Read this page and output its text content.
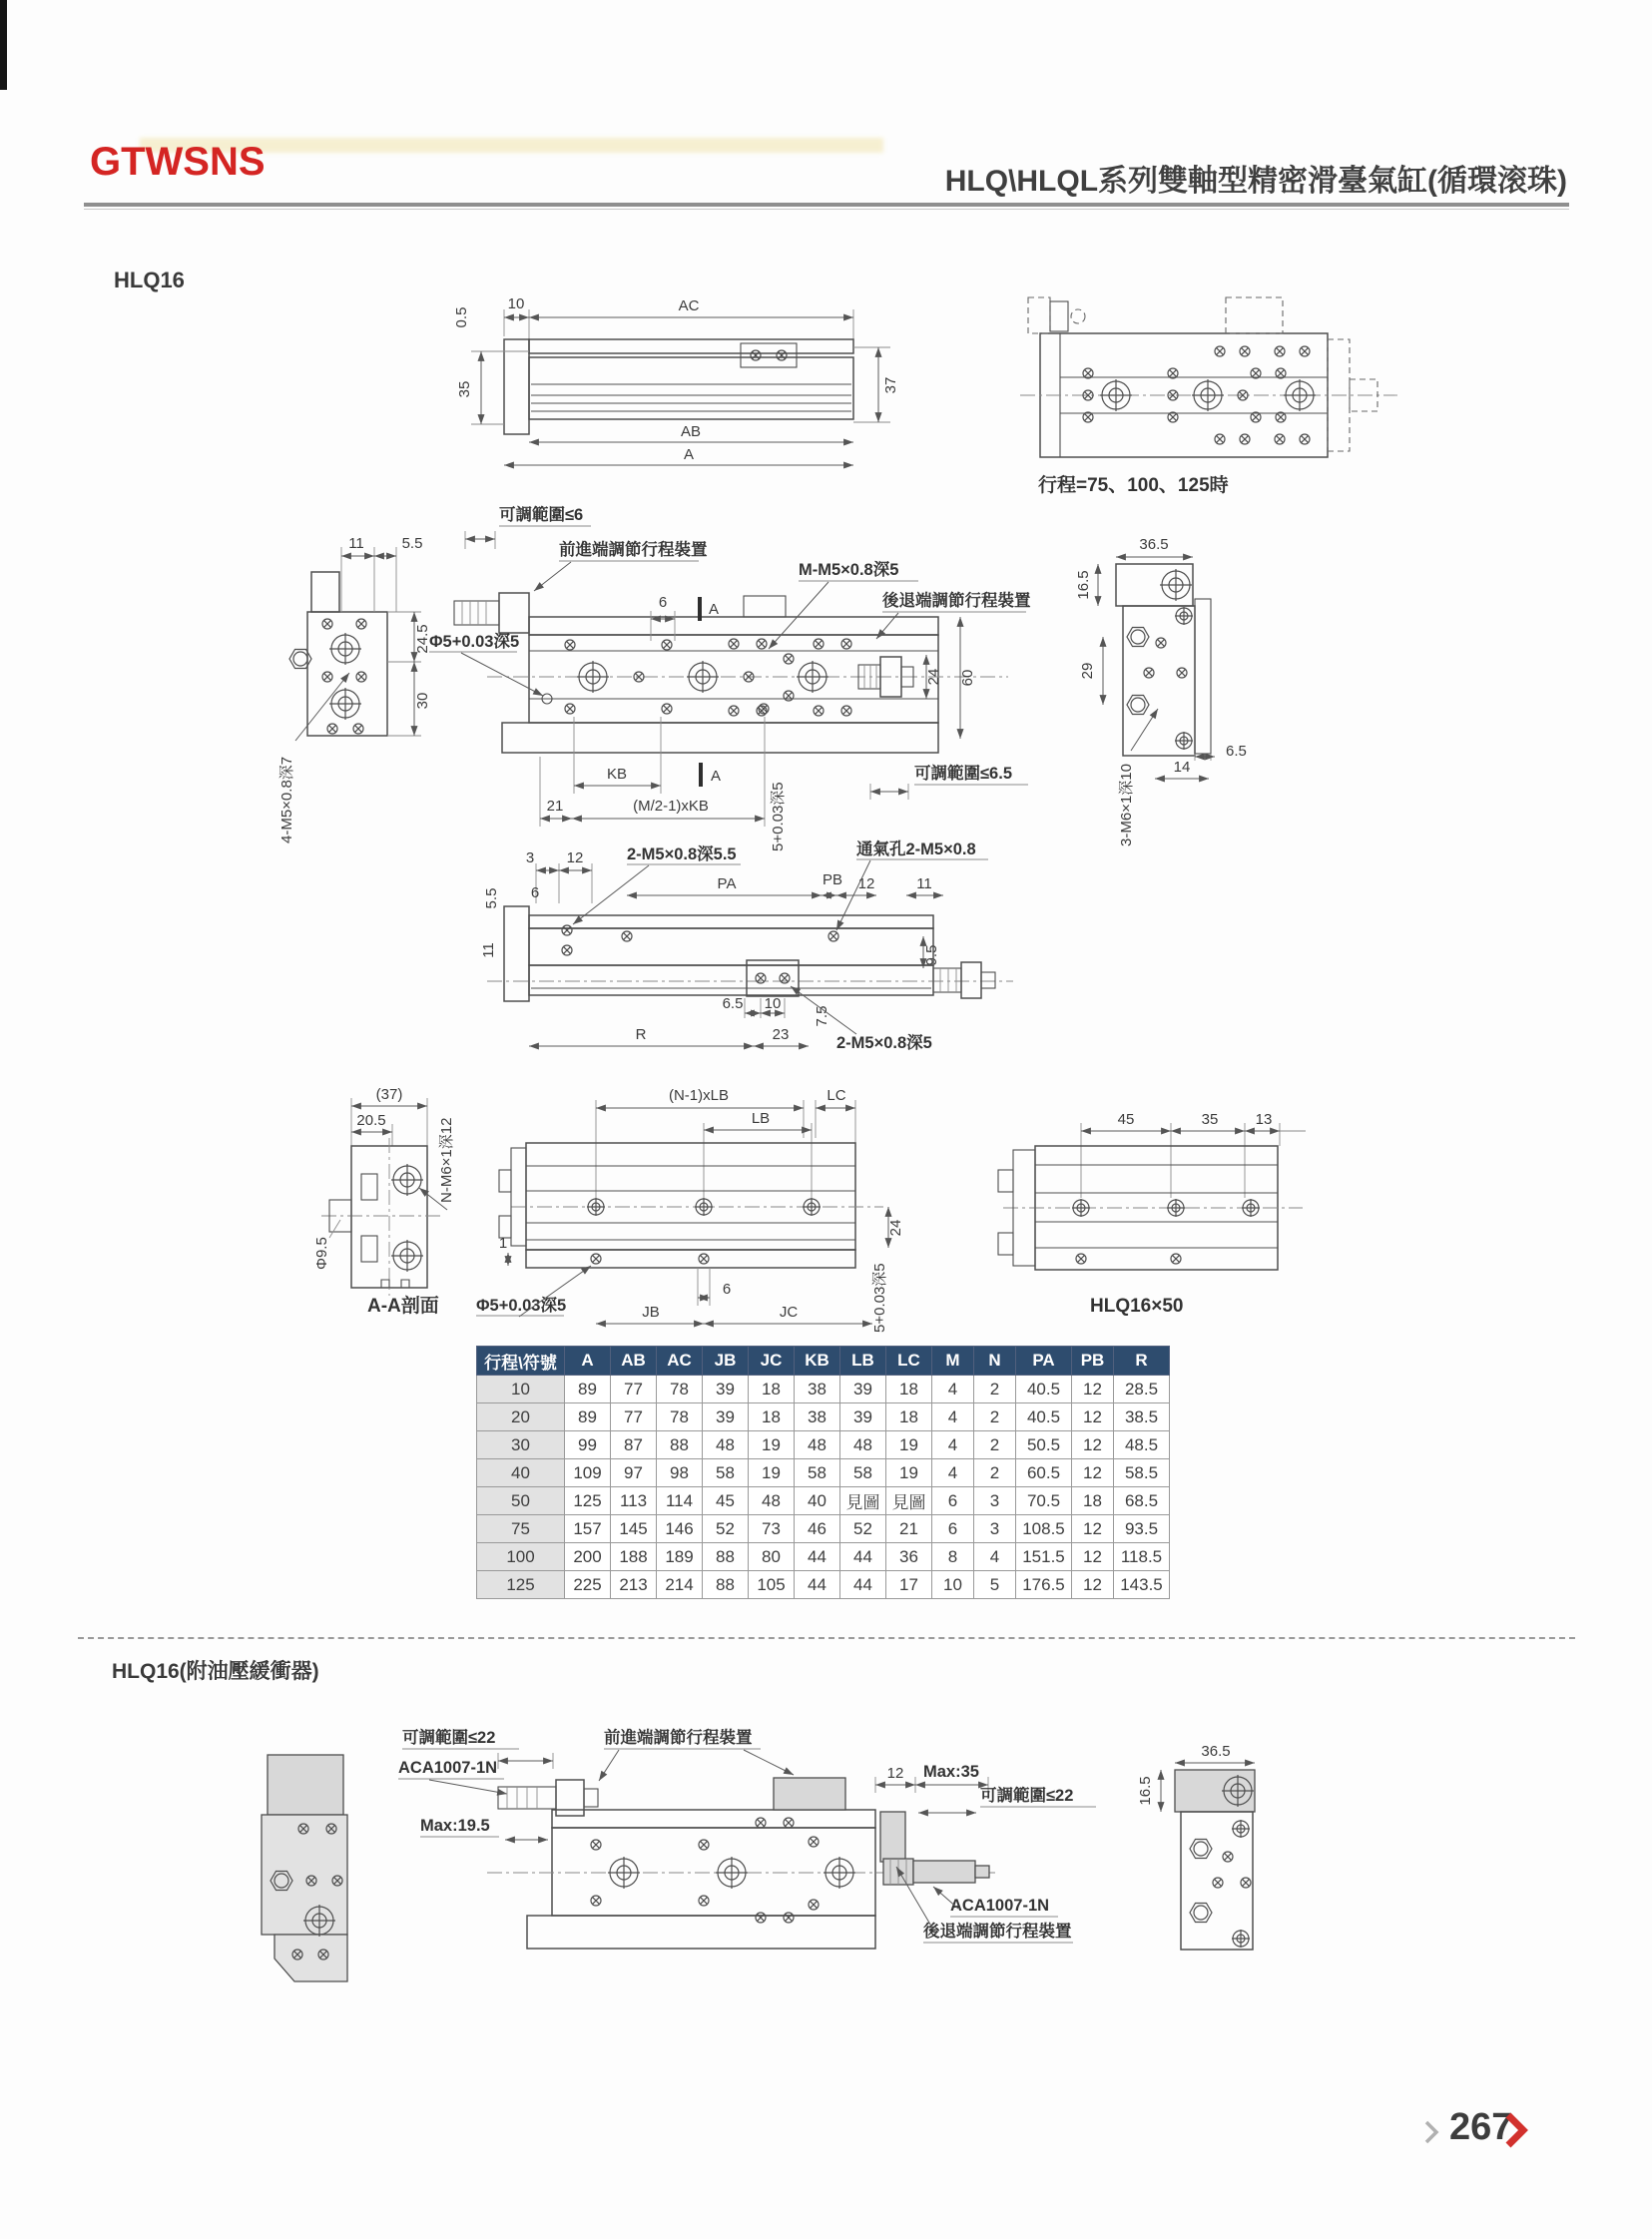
GTWSNS	HLQ\HLQL系列雙軸型精密滑臺氣缸(循環滚珠)
HLQ16
10
0.5
AC
35	37
AB
A
行程=75、100、125時
11	5.5
24.5
30
4-M5×0.8深7
可調範圍≤6
前進端調節行程裝置
M-M5×0.8深5
後退端調節行程裝置
Φ5+0.03深5
6	A
A
KB
21	(M/2-1)xKB	5+0.03深5
24 60
可調範圍≤6.5
36.5
16.5
29
6.5
14
3-M6×1深10
3 12	2-M5×0.8深5.5
PA
通氣孔2-M5×0.8
PB 12	11
5.5 6
11	9.5
6.5 10
7.5
R	23	2-M5×0.8深5
(37)
20.5	N-M6×1深12
Φ9.5
A-A剖面
(N-1)xLB	LC
LB
24
1
Φ5+0.03深5
6
JB	JC	5+0.03深5
45	35 13
HLQ16×50
行程\符號	A	AB	AC	JB	JC	KB	LB	LC	M	N	PA	PB	R
10	89	77	78	39	18	38	39	18	4	2	40.5	12	28.5
20	89	77	78	39	18	38	39	18	4	2	40.5	12	38.5
30	99	87	88	48	19	48	48	19	4	2	50.5	12	48.5
40	109	97	98	58	19	58	58	19	4	2	60.5	12	58.5
50	125	113	114	45	48	40	見圖	見圖	6	3	70.5	18	68.5
75	157	145	146	52	73	46	52	21	6	3	108.5	12	93.5
100	200	188	189	88	80	44	44	36	8	4	151.5	12	118.5
125	225	213	214	88	105	44	44	17	10	5	176.5	12	143.5
HLQ16(附油壓緩衝器)
可調範圍≤22
ACA1007-1N
Max:19.5
前進端調節行程裝置
12 Max:35
可調範圍≤22
ACA1007-1N
後退端調節行程裝置
36.5
16.5
267
